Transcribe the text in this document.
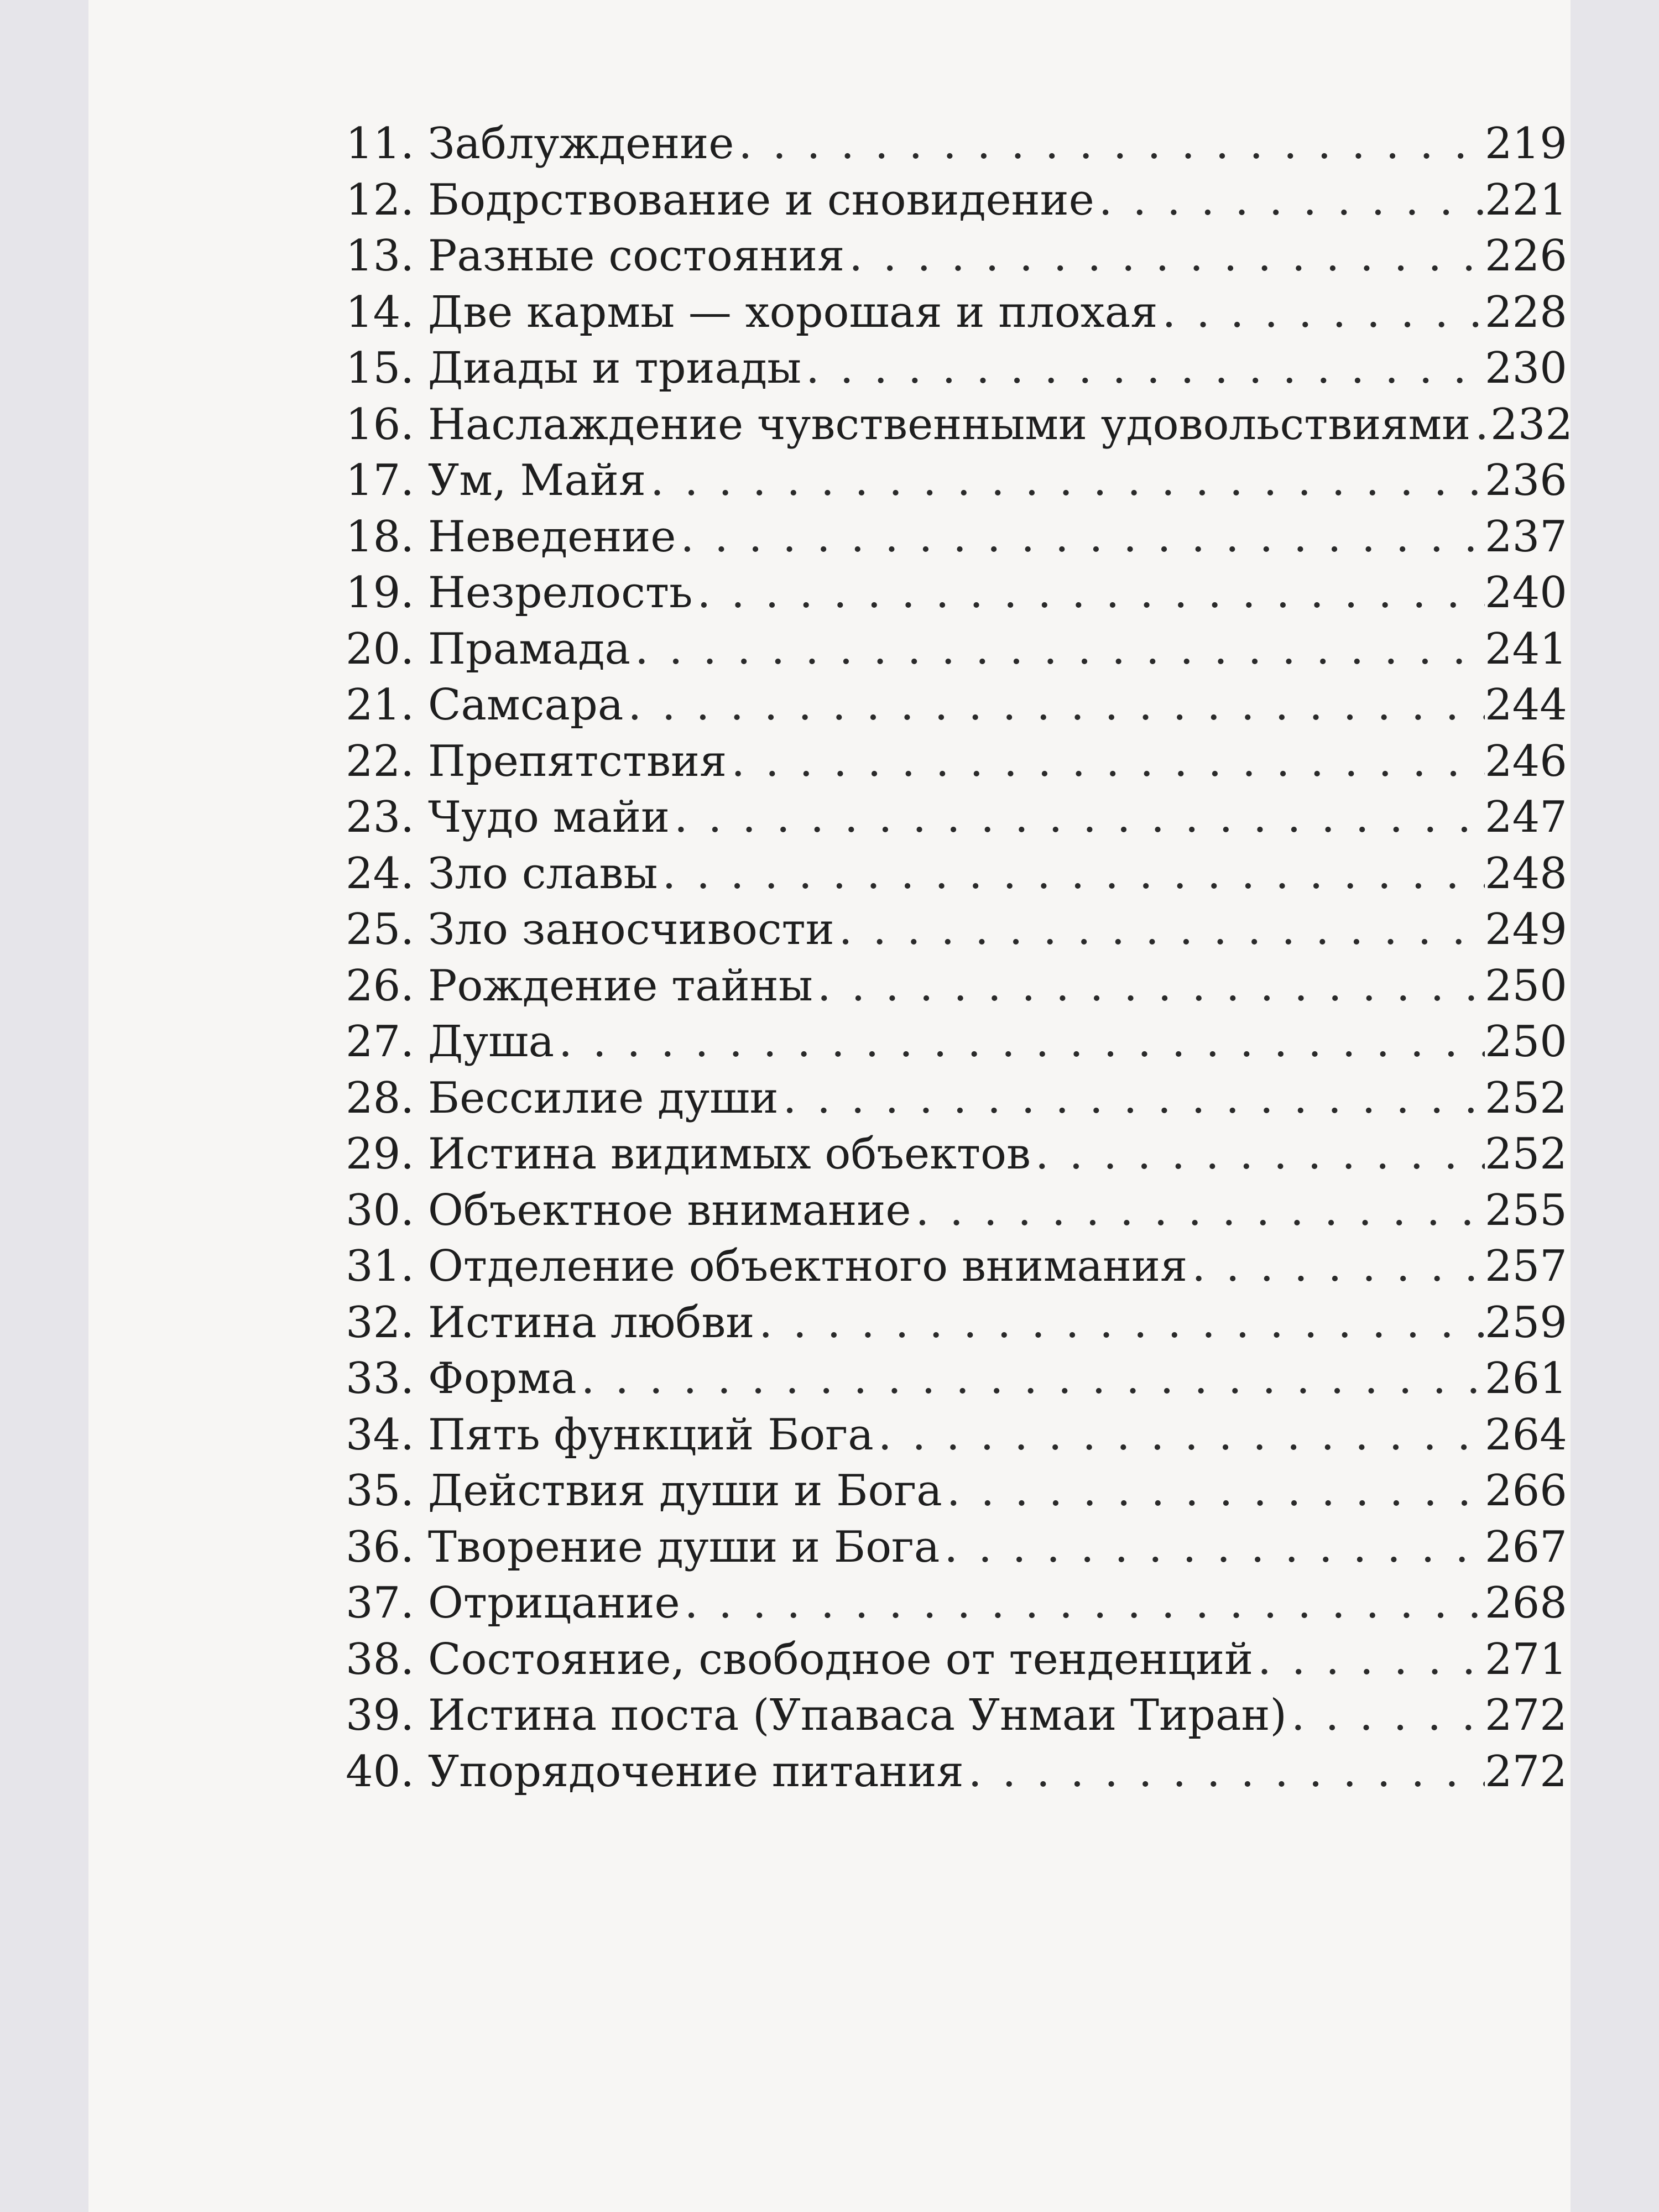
11. Заблуждение . . .	219
12. Бодрствование и сновидение . . .	221
13. Разные состояния . . .	226
14. Две кармы — хорошая и плохая . . .	228
15. Диады и триады . . .	230
16. Наслаждение чувственными удовольствиями . . . 232
17. Ум, Майя . . .	236
18. Неведение . . .	237
19. Незрелость . . .	240
20. Прамада . . .	241
21. Самсара . . .	244
22. Препятствия . . .	246
23. Чудо майи . . .	247
24. Зло славы . . .	248
25. Зло заносчивости . . .	249
26. Рождение тайны . . .	250
27. Душа . . .	250
28. Бессилие души . . .	252
29. Истина видимых объектов . . .	252
30. Объектное внимание . . .	255
31. Отделение объектного внимания . . .	257
32. Истина любви . . .	259
33. Форма . . .	261
34. Пять функций Бога . . .	264
35. Действия души и Бога . . .	266
36. Творение души и Бога . . .	267
37. Отрицание . . .	268
38. Состояние, свободное от тенденций . . .	271
39. Истина поста (Упаваса Унмаи Тиран) . . .	272
40. Упорядочение питания . . .	272
